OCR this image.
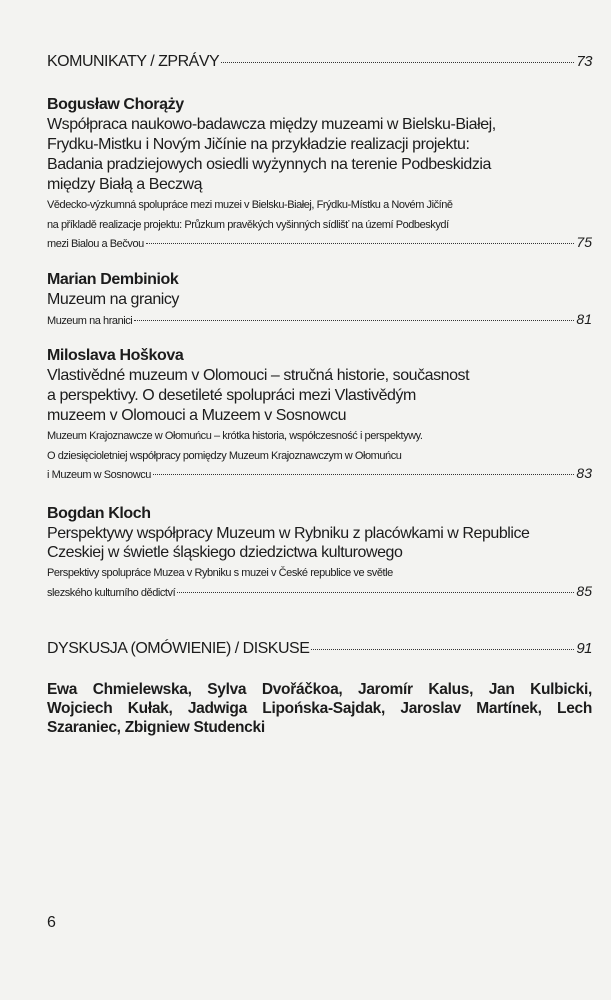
KOMUNIKATY / ZPRÁVY	73
Bogusław Chorąży
Współpraca naukowo-badawcza między muzeami w Bielsku-Białej,
Frydku-Mistku i Novým Jičínie na przykładzie realizacji projektu:
Badania pradziejowych osiedli wyżynnych na terenie Podbeskidzia
między Białą a Beczwą
Vědecko-výzkumná spolupráce mezi muzei v Bielsku-Białej, Frýdku-Místku a Novém Jičíně
na příkladě realizacje projektu: Průzkum pravěkých vyšinných sídlišť na území Podbeskydí
mezi Bialou a Bečvou	75
Marian Dembiniok
Muzeum na granicy
Muzeum na hranici	81
Miloslava Hoškova
Vlastivědné muzeum v Olomouci – stručná historie, současnost
a perspektivy. O desetileté spolupráci mezi Vlastivědým
muzeem v Olomouci a Muzeem v Sosnowcu
Muzeum Krajoznawcze w Ołomuńcu – krótka historia, współczesność i perspektywy.
O dziesięcioletniej współpracy pomiędzy Muzeum Krajoznawczym w Ołomuńcu
i Muzeum w Sosnowcu	83
Bogdan Kloch
Perspektywy współpracy Muzeum w Rybniku z placówkami w Republice
Czeskiej w świetle śląskiego dziedzictwa kulturowego
Perspektivy spolupráce Muzea v Rybniku s muzei v České republice ve světle
slezského kulturního dědictví	85
DYSKUSJA (OMÓWIENIE) / DISKUSE	91
Ewa Chmielewska, Sylva Dvořáčkoa, Jaromír Kalus, Jan Kulbicki,
Wojciech Kułak, Jadwiga Lipońska-Sajdak, Jaroslav Martínek, Lech
Szaraniec, Zbigniew Studencki
6
